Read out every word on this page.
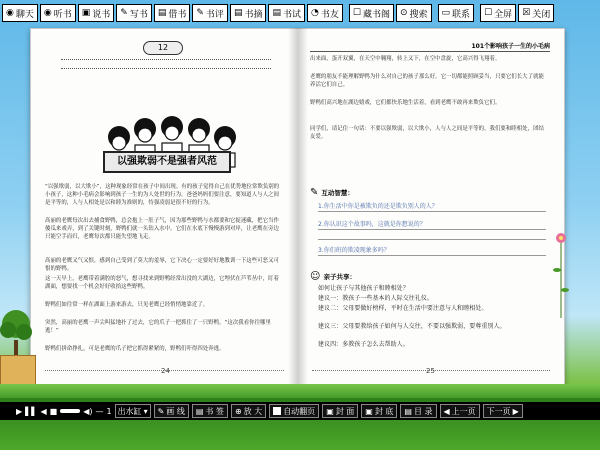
◉ 聊天 ◉ 听书 ▣ 说书 ✎ 写书 ▤ 借书 ✎ 书评 ▤ 书摘 ▤ 书试 ◔ 书友 ☐ 藏书阁 ⊙ 搜索 ▭ 联系 ☐ 全屏 ☒ 关闭
12
以强欺弱不是强者风范
“以强欺弱，以大欺小”，这种现象经常在孩子中间出现。有的孩子觉得自己在优势地位常欺负别的小孩子，这种小毛病会影响到孩子一生的为人处世的行为，爸爸妈妈们要注意，要知道人与人之间是平等的，人与人相处是以和睦为准则的，恃强凌弱是很不好的行为。
高丽的老鹰每次出去捕食野鸭，总会抱上一肚子气，因为那些野鸭与水都要和它捉迷藏，把它当作傻瓜来戏弄，到了关键时刻，野鸭们就一头钻入水中，它们在水底下慢慢游到对岸，让老鹰在旁边只能空手而归，老鹰每次都只能失望地飞走。
高丽的老鹰又气又恨，感到自己受到了莫大的羞辱，它下决心一定要好好地教训一下这些可恶又可恨的野鸭。
这一天早上，老鹰带着满腔的怒气，想寻找来到野鸭经常出没的大湖边，它埋伏在芦苇丛中，盯着湖面，想要找一个机会好好收拾这些野鸭。
野鸭们如往常一样在湖面上游来游去，只见老鹰已经悄悄地靠近了。
突然，高丽的老鹰一声尖叫猛地扑了过去，它的爪子一把抓住了一只野鸭，“这次我看你往哪里逃！”
野鸭们拼命挣扎，可是老鹰的爪子把它抓得紧紧的，野鸭们吓得四处奔逃。
24
101个影响孩子一生的小毛病
出来面，蛋开双翼，在天空中翱翔，转上又下，在空中盘旋，它高兴得飞翔着。
老鹰的朋友不能理解野鸭为什么对自己的孩子那么好，它一切都能照顾妥当，只要它们长大了就能养活它们自己。
野鸭们高兴地在湖边嬉戏，它们都快乐地生活着，看到老鹰不敢再来欺负它们。
同学们，请记住一句话：不要以强欺弱，以大欺小，人与人之间是平等的，我们要和睦相处，团结友爱。
✎ 互动智慧：
1.你生活中你是被欺负的还是欺负别人的人？
2.你认识这个故事吗，这就是你想说的？
3.你们班的欺凌现象多吗？
☺ 亲子共享：
如何让孩子与其他孩子和睦相处？
建议一：教孩子一些基本的人际交往礼仪。
建议二：父母要做好榜样，平时在生活中要注意与人和睦相处。
建议三：父母要教给孩子如何与人交往，不要以强欺弱，要尊重别人。
建议四：多教孩子怎么去帮助人。
25
▶ ▌▌ ◀ ■	◀) — 1 出水缸 ▾ ✎ 画 线 ▤ 书 签 ⊕ 放 大	自动翻页 ▣ 封 面 ▣ 封 底 ▤ 目 录 ◀ 上一页 下一页 ▶
